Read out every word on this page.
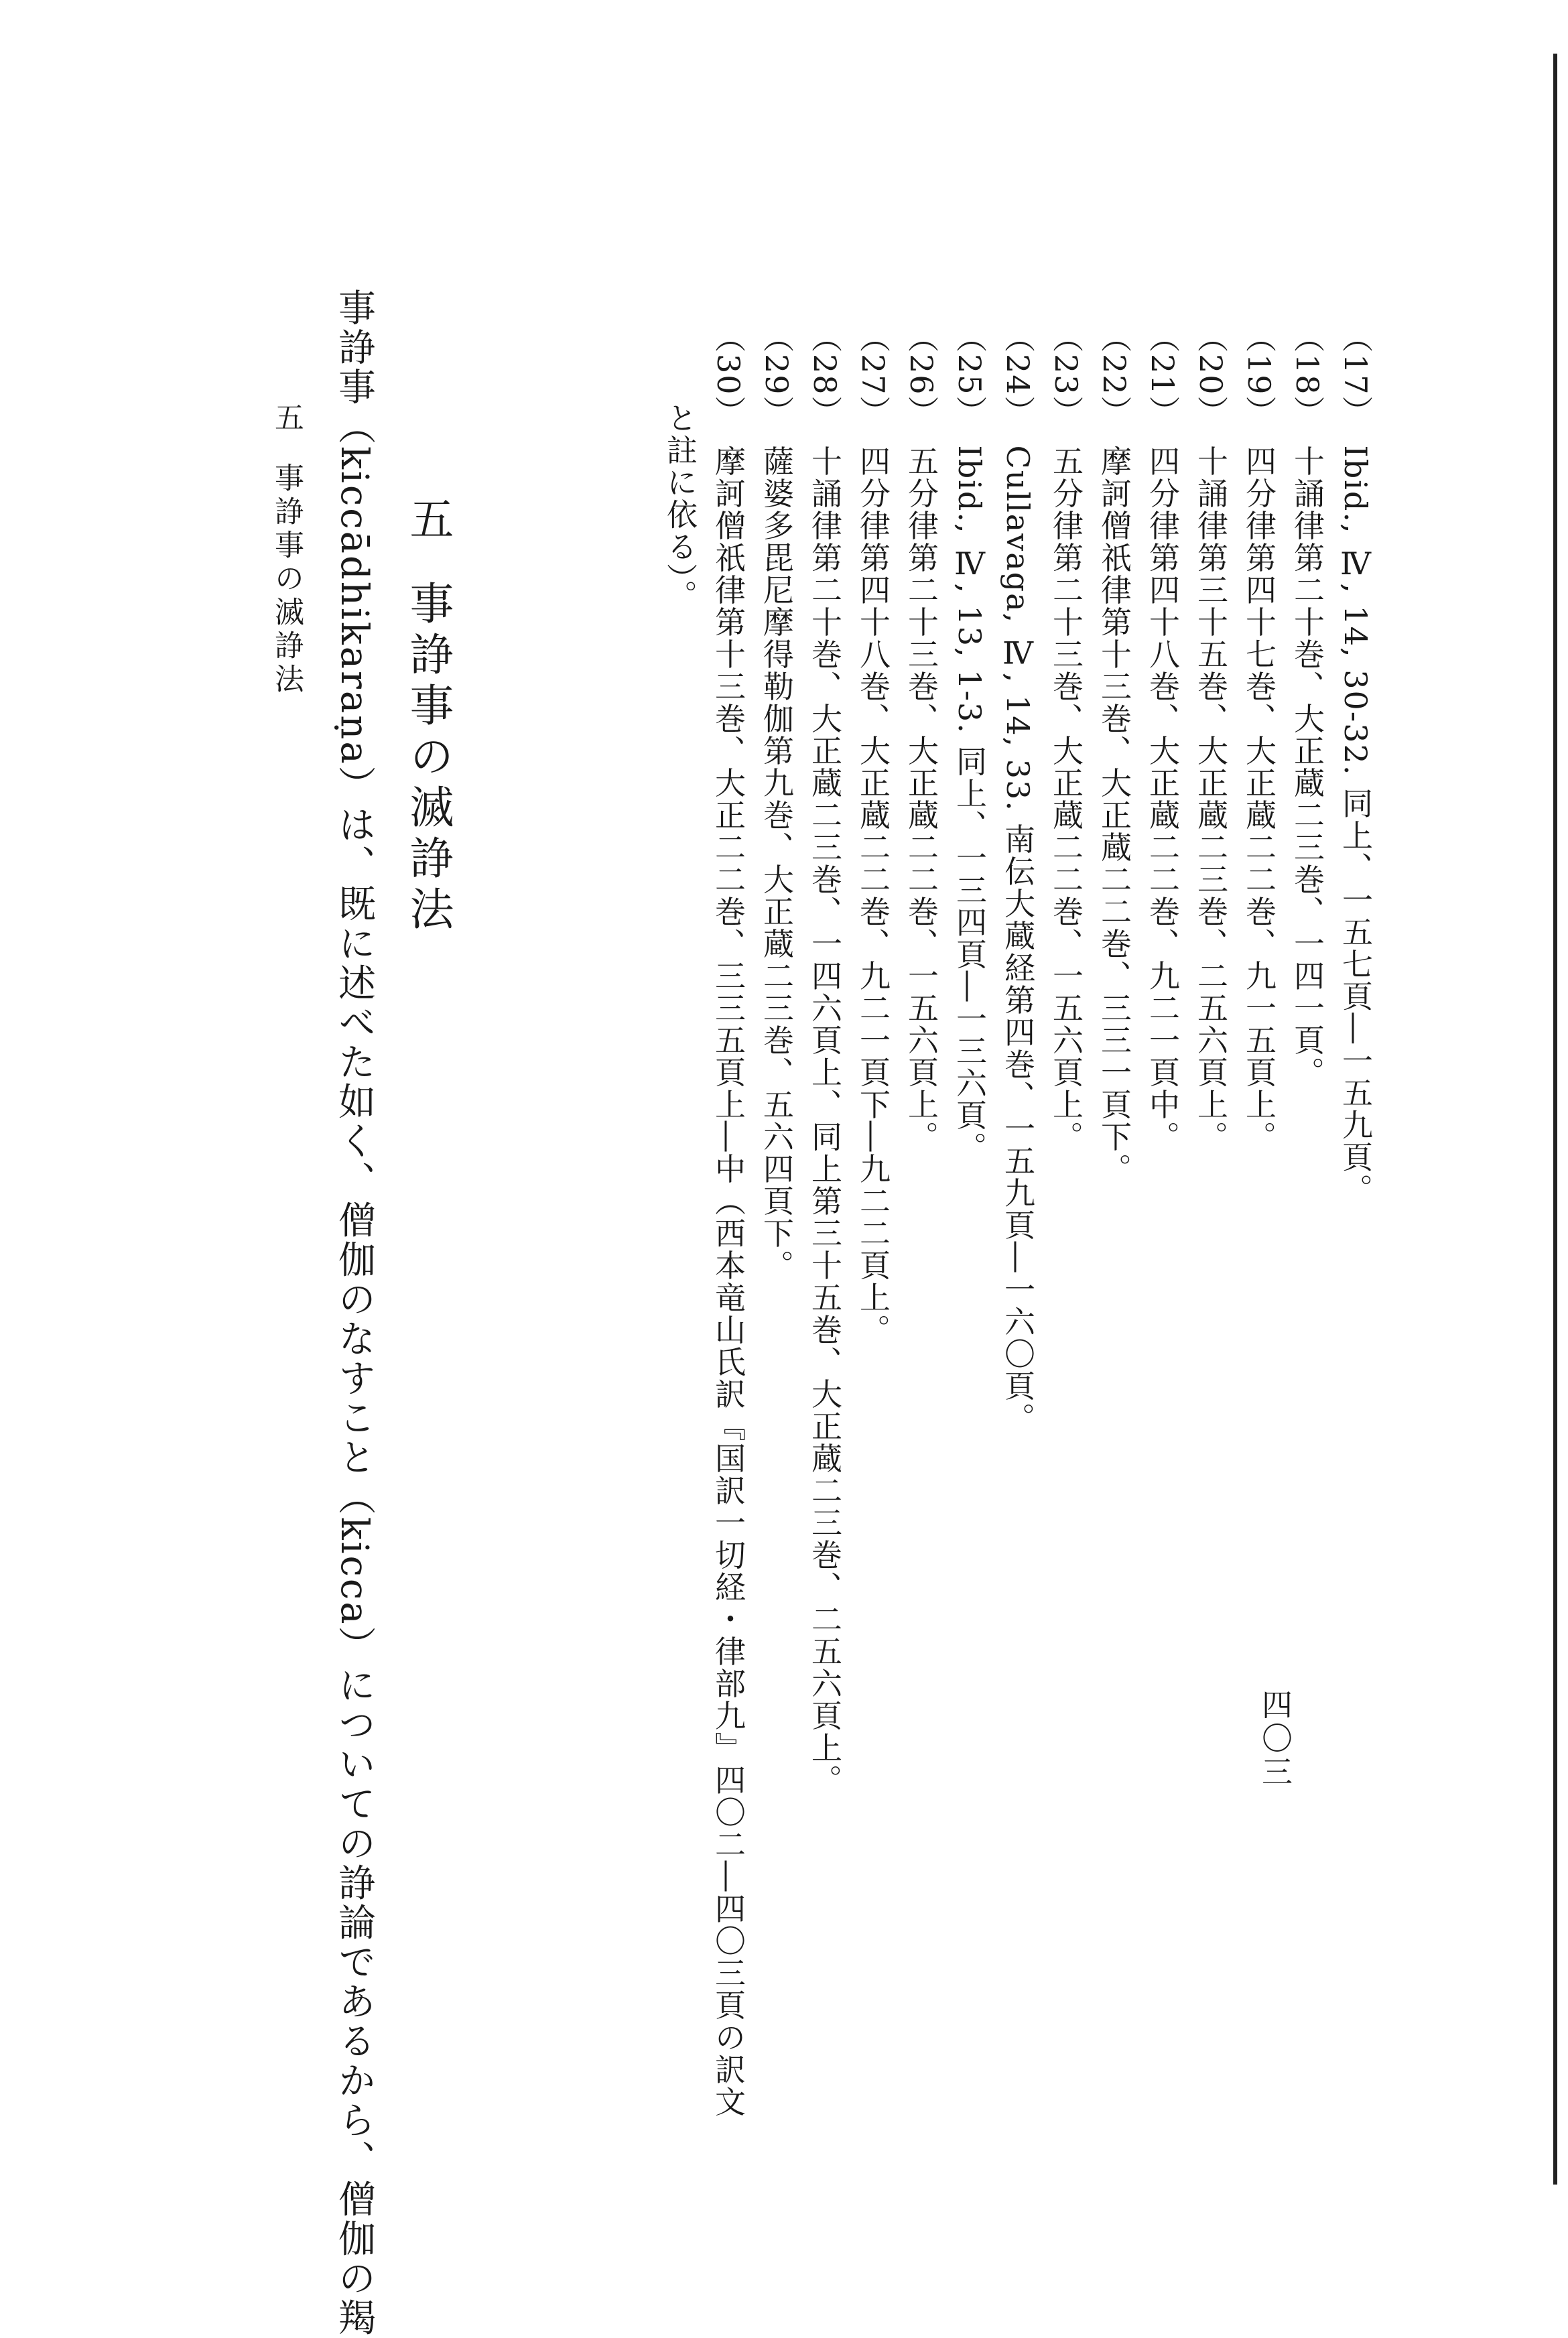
（17）Ibid., Ⅳ, 14, 30-32. 同上、一五七頁―一五九頁。
（18）十誦律第二十巻、大正蔵二三巻、一四一頁。
（19）四分律第四十七巻、大正蔵二二巻、九一五頁上。
（20）十誦律第三十五巻、大正蔵二三巻、二五六頁上。
（21）四分律第四十八巻、大正蔵二二巻、九二一頁中。
（22）摩訶僧祇律第十三巻、大正蔵二二巻、三三一頁下。
（23）五分律第二十三巻、大正蔵二二巻、一五六頁上。
（24）Cullavaga, Ⅳ, 14, 33. 南伝大蔵経第四巻、一五九頁―一六〇頁。
（25）Ibid., Ⅳ, 13, 1-3. 同上、一三四頁―一三六頁。
（26）五分律第二十三巻、大正蔵二二巻、一五六頁上。
（27）四分律第四十八巻、大正蔵二二巻、九二一頁下―九二二頁上。
（28）十誦律第二十巻、大正蔵二三巻、一四六頁上、同上第三十五巻、大正蔵二三巻、二五六頁上。
（29）薩婆多毘尼摩得勒伽第九巻、大正蔵二三巻、五六四頁下。
（30）摩訶僧祇律第十三巻、大正二二巻、三三五頁上―中（西本竜山氏訳『国訳一切経・律部九』四〇二―四〇三頁の訳文
と註に依る）。
五事諍事の滅諍法
事諍事（kiccādhikaraṇa）は、既に述べた如く、僧伽のなすこと（kicca）についての諍論であるから、僧伽の羯
五事諍事の滅諍法
四〇三
